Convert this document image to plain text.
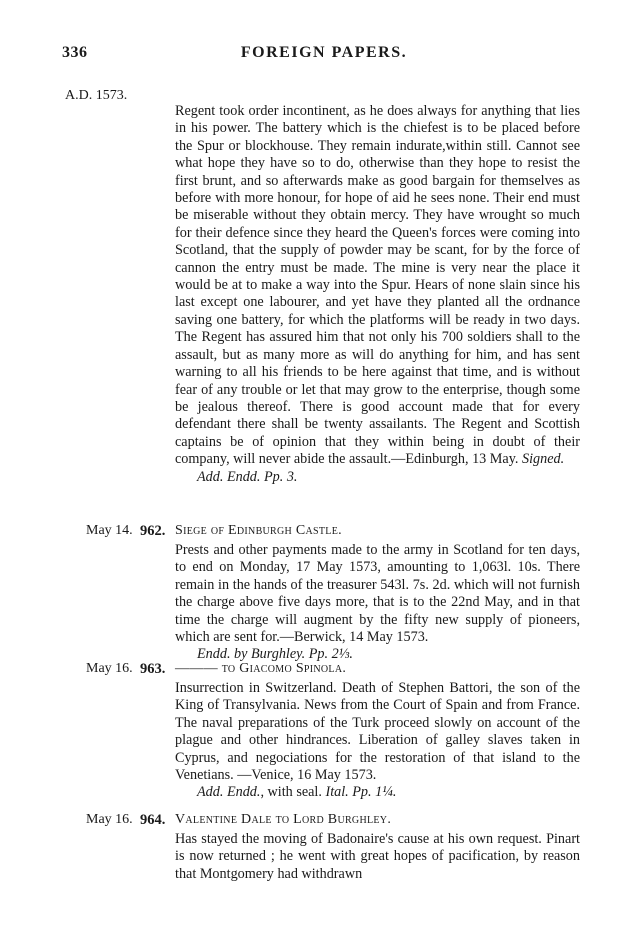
336	FOREIGN PAPERS.
A.D. 1573.

Regent took order incontinent, as he does always for anything that lies in his power. The battery which is the chiefest is to be placed before the Spur or blockhouse. They remain indurate,within still. Cannot see what hope they have so to do, otherwise than they hope to resist the first brunt, and so afterwards make as good bargain for themselves as before with more honour, for hope of aid he sees none. Their end must be miserable without they obtain mercy. They have wrought so much for their defence since they heard the Queen's forces were coming into Scotland, that the supply of powder may be scant, for by the force of cannon the entry must be made. The mine is very near the place it would be at to make a way into the Spur. Hears of none slain since his last except one labourer, and yet have they planted all the ordnance saving one battery, for which the platforms will be ready in two days. The Regent has assured him that not only his 700 soldiers shall to the assault, but as many more as will do anything for him, and has sent warning to all his friends to be here against that time, and is without fear of any trouble or let that may grow to the enterprise, though some be jealous thereof. There is good account made that for every defendant there shall be twenty assailants. The Regent and Scottish captains be of opinion that they within being in doubt of their company, will never abide the assault.—Edinburgh, 13 May. Signed.

Add. Endd. Pp. 3.

May 14. 962. Siege of Edinburgh Castle.

Prests and other payments made to the army in Scotland for ten days, to end on Monday, 17 May 1573, amounting to 1,063l. 10s. There remain in the hands of the treasurer 543l. 7s. 2d. which will not furnish the charge above five days more, that is to the 22nd May, and in that time the charge will augment by the fifty new supply of pioneers, which are sent for.—Berwick, 14 May 1573.

Endd. by Burghley. Pp. 2⅓.

May 16. 963. ——— to Giacomo Spinola.

Insurrection in Switzerland. Death of Stephen Battori, the son of the King of Transylvania. News from the Court of Spain and from France. The naval preparations of the Turk proceed slowly on account of the plague and other hindrances. Liberation of galley slaves taken in Cyprus, and negociations for the restoration of that island to the Venetians. —Venice, 16 May 1573.

Add. Endd., with seal. Ital. Pp. 1¼.

May 16. 964. Valentine Dale to Lord Burghley.

Has stayed the moving of Badonaire's cause at his own request. Pinart is now returned ; he went with great hopes of pacification, by reason that Montgomery had withdrawn
